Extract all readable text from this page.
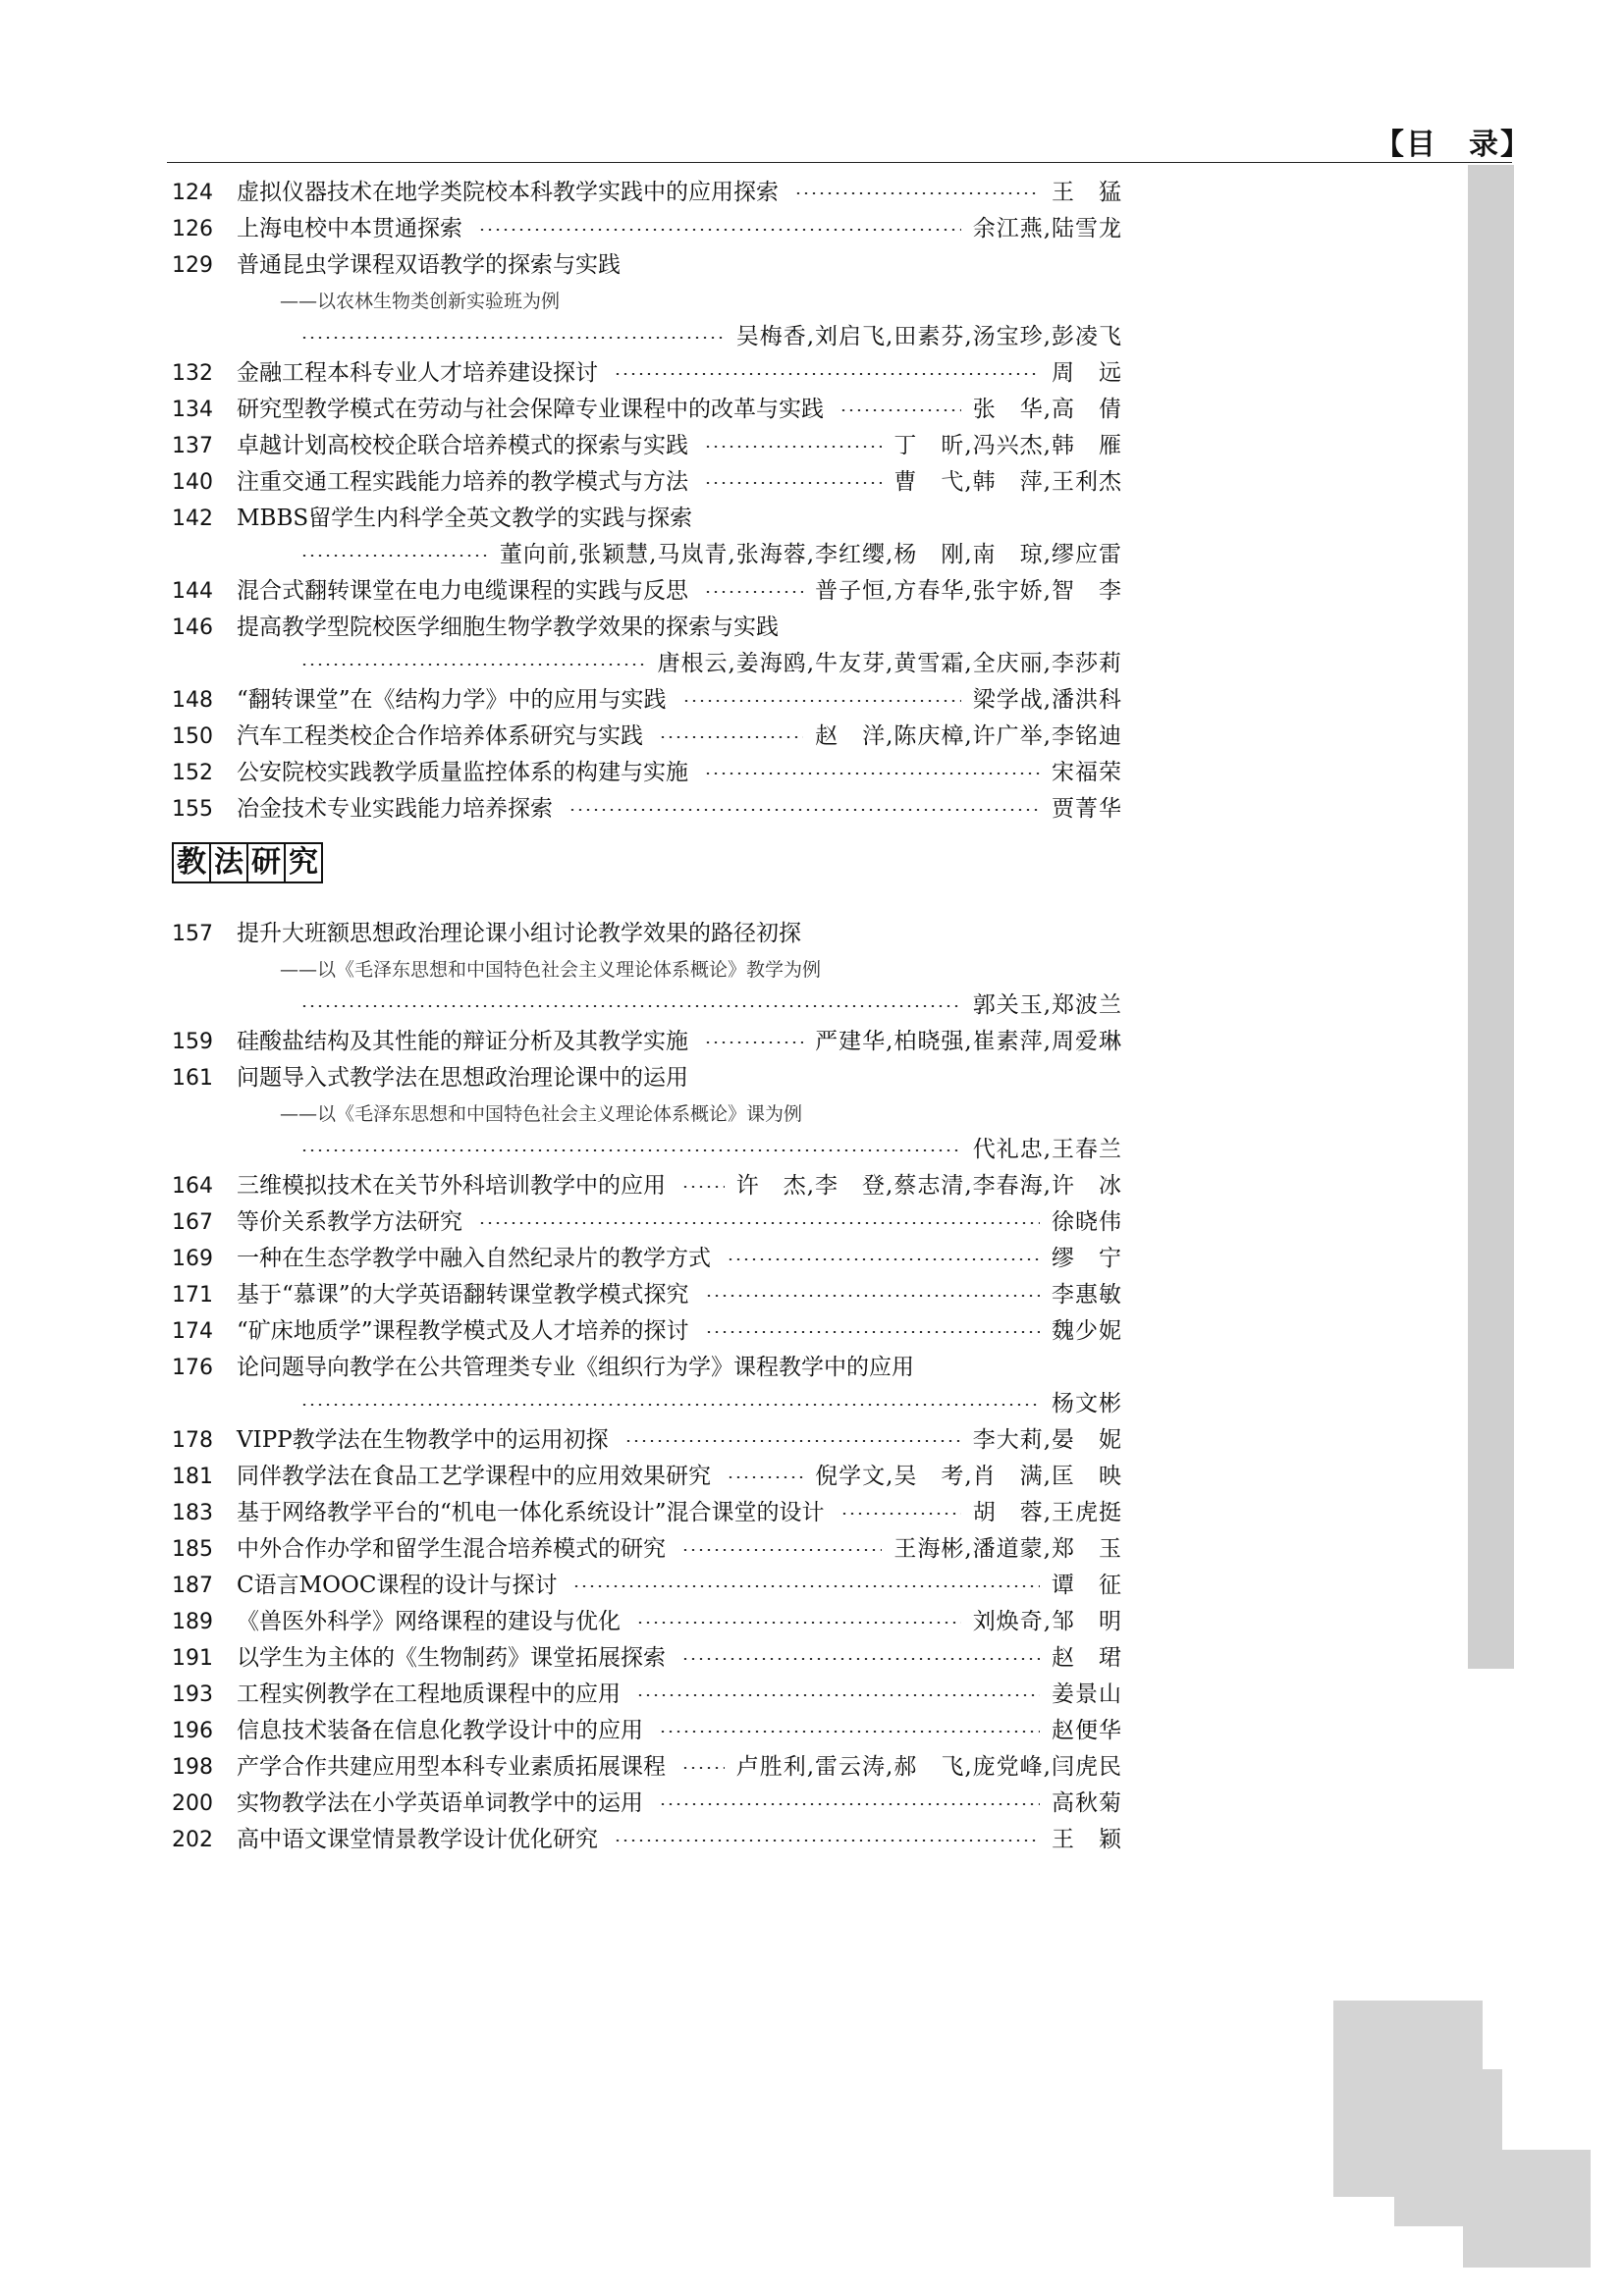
【目　录】
124	虚拟仪器技术在地学类院校本科教学实践中的应用探索	王　猛
126	上海电校中本贯通探索	余江燕,陆雪龙
129	普通昆虫学课程双语教学的探索与实践
——以农林生物类创新实验班为例
吴梅香,刘启飞,田素芬,汤宝珍,彭凌飞
132	金融工程本科专业人才培养建设探讨	周　远
134	研究型教学模式在劳动与社会保障专业课程中的改革与实践	张　华,高　倩
137	卓越计划高校校企联合培养模式的探索与实践	丁　昕,冯兴杰,韩　雁
140	注重交通工程实践能力培养的教学模式与方法	曹　弋,韩　萍,王利杰
142	MBBS留学生内科学全英文教学的实践与探索
董向前,张颖慧,马岚青,张海蓉,李红缨,杨　刚,南　琼,缪应雷
144	混合式翻转课堂在电力电缆课程的实践与反思	普子恒,方春华,张宇娇,智　李
146	提高教学型院校医学细胞生物学教学效果的探索与实践
唐根云,姜海鸥,牛友芽,黄雪霜,全庆丽,李莎莉
148	“翻转课堂”在《结构力学》中的应用与实践	梁学战,潘洪科
150	汽车工程类校企合作培养体系研究与实践	赵　洋,陈庆樟,许广举,李铭迪
152	公安院校实践教学质量监控体系的构建与实施	宋福荣
155	冶金技术专业实践能力培养探索	贾菁华
教 法 研 究
157	提升大班额思想政治理论课小组讨论教学效果的路径初探
——以《毛泽东思想和中国特色社会主义理论体系概论》教学为例
郭关玉,郑波兰
159	硅酸盐结构及其性能的辩证分析及其教学实施	严建华,柏晓强,崔素萍,周爱琳
161	问题导入式教学法在思想政治理论课中的运用
——以《毛泽东思想和中国特色社会主义理论体系概论》课为例
代礼忠,王春兰
164	三维模拟技术在关节外科培训教学中的应用	许　杰,李　登,蔡志清,李春海,许　冰
167	等价关系教学方法研究	徐晓伟
169	一种在生态学教学中融入自然纪录片的教学方式	缪　宁
171	基于“慕课”的大学英语翻转课堂教学模式探究	李惠敏
174	“矿床地质学”课程教学模式及人才培养的探讨	魏少妮
176	论问题导向教学在公共管理类专业《组织行为学》课程教学中的应用
杨文彬
178	VIPP教学法在生物教学中的运用初探	李大莉,晏　妮
181	同伴教学法在食品工艺学课程中的应用效果研究	倪学文,吴　考,肖　满,匡　映
183	基于网络教学平台的“机电一体化系统设计”混合课堂的设计	胡　蓉,王虎挺
185	中外合作办学和留学生混合培养模式的研究	王海彬,潘道蒙,郑　玉
187	C语言MOOC课程的设计与探讨	谭　征
189	《兽医外科学》网络课程的建设与优化	刘焕奇,邹　明
191	以学生为主体的《生物制药》课堂拓展探索	赵　珺
193	工程实例教学在工程地质课程中的应用	姜景山
196	信息技术装备在信息化教学设计中的应用	赵便华
198	产学合作共建应用型本科专业素质拓展课程	卢胜利,雷云涛,郝　飞,庞党峰,闫虎民
200	实物教学法在小学英语单词教学中的运用	高秋菊
202	高中语文课堂情景教学设计优化研究	王　颖
